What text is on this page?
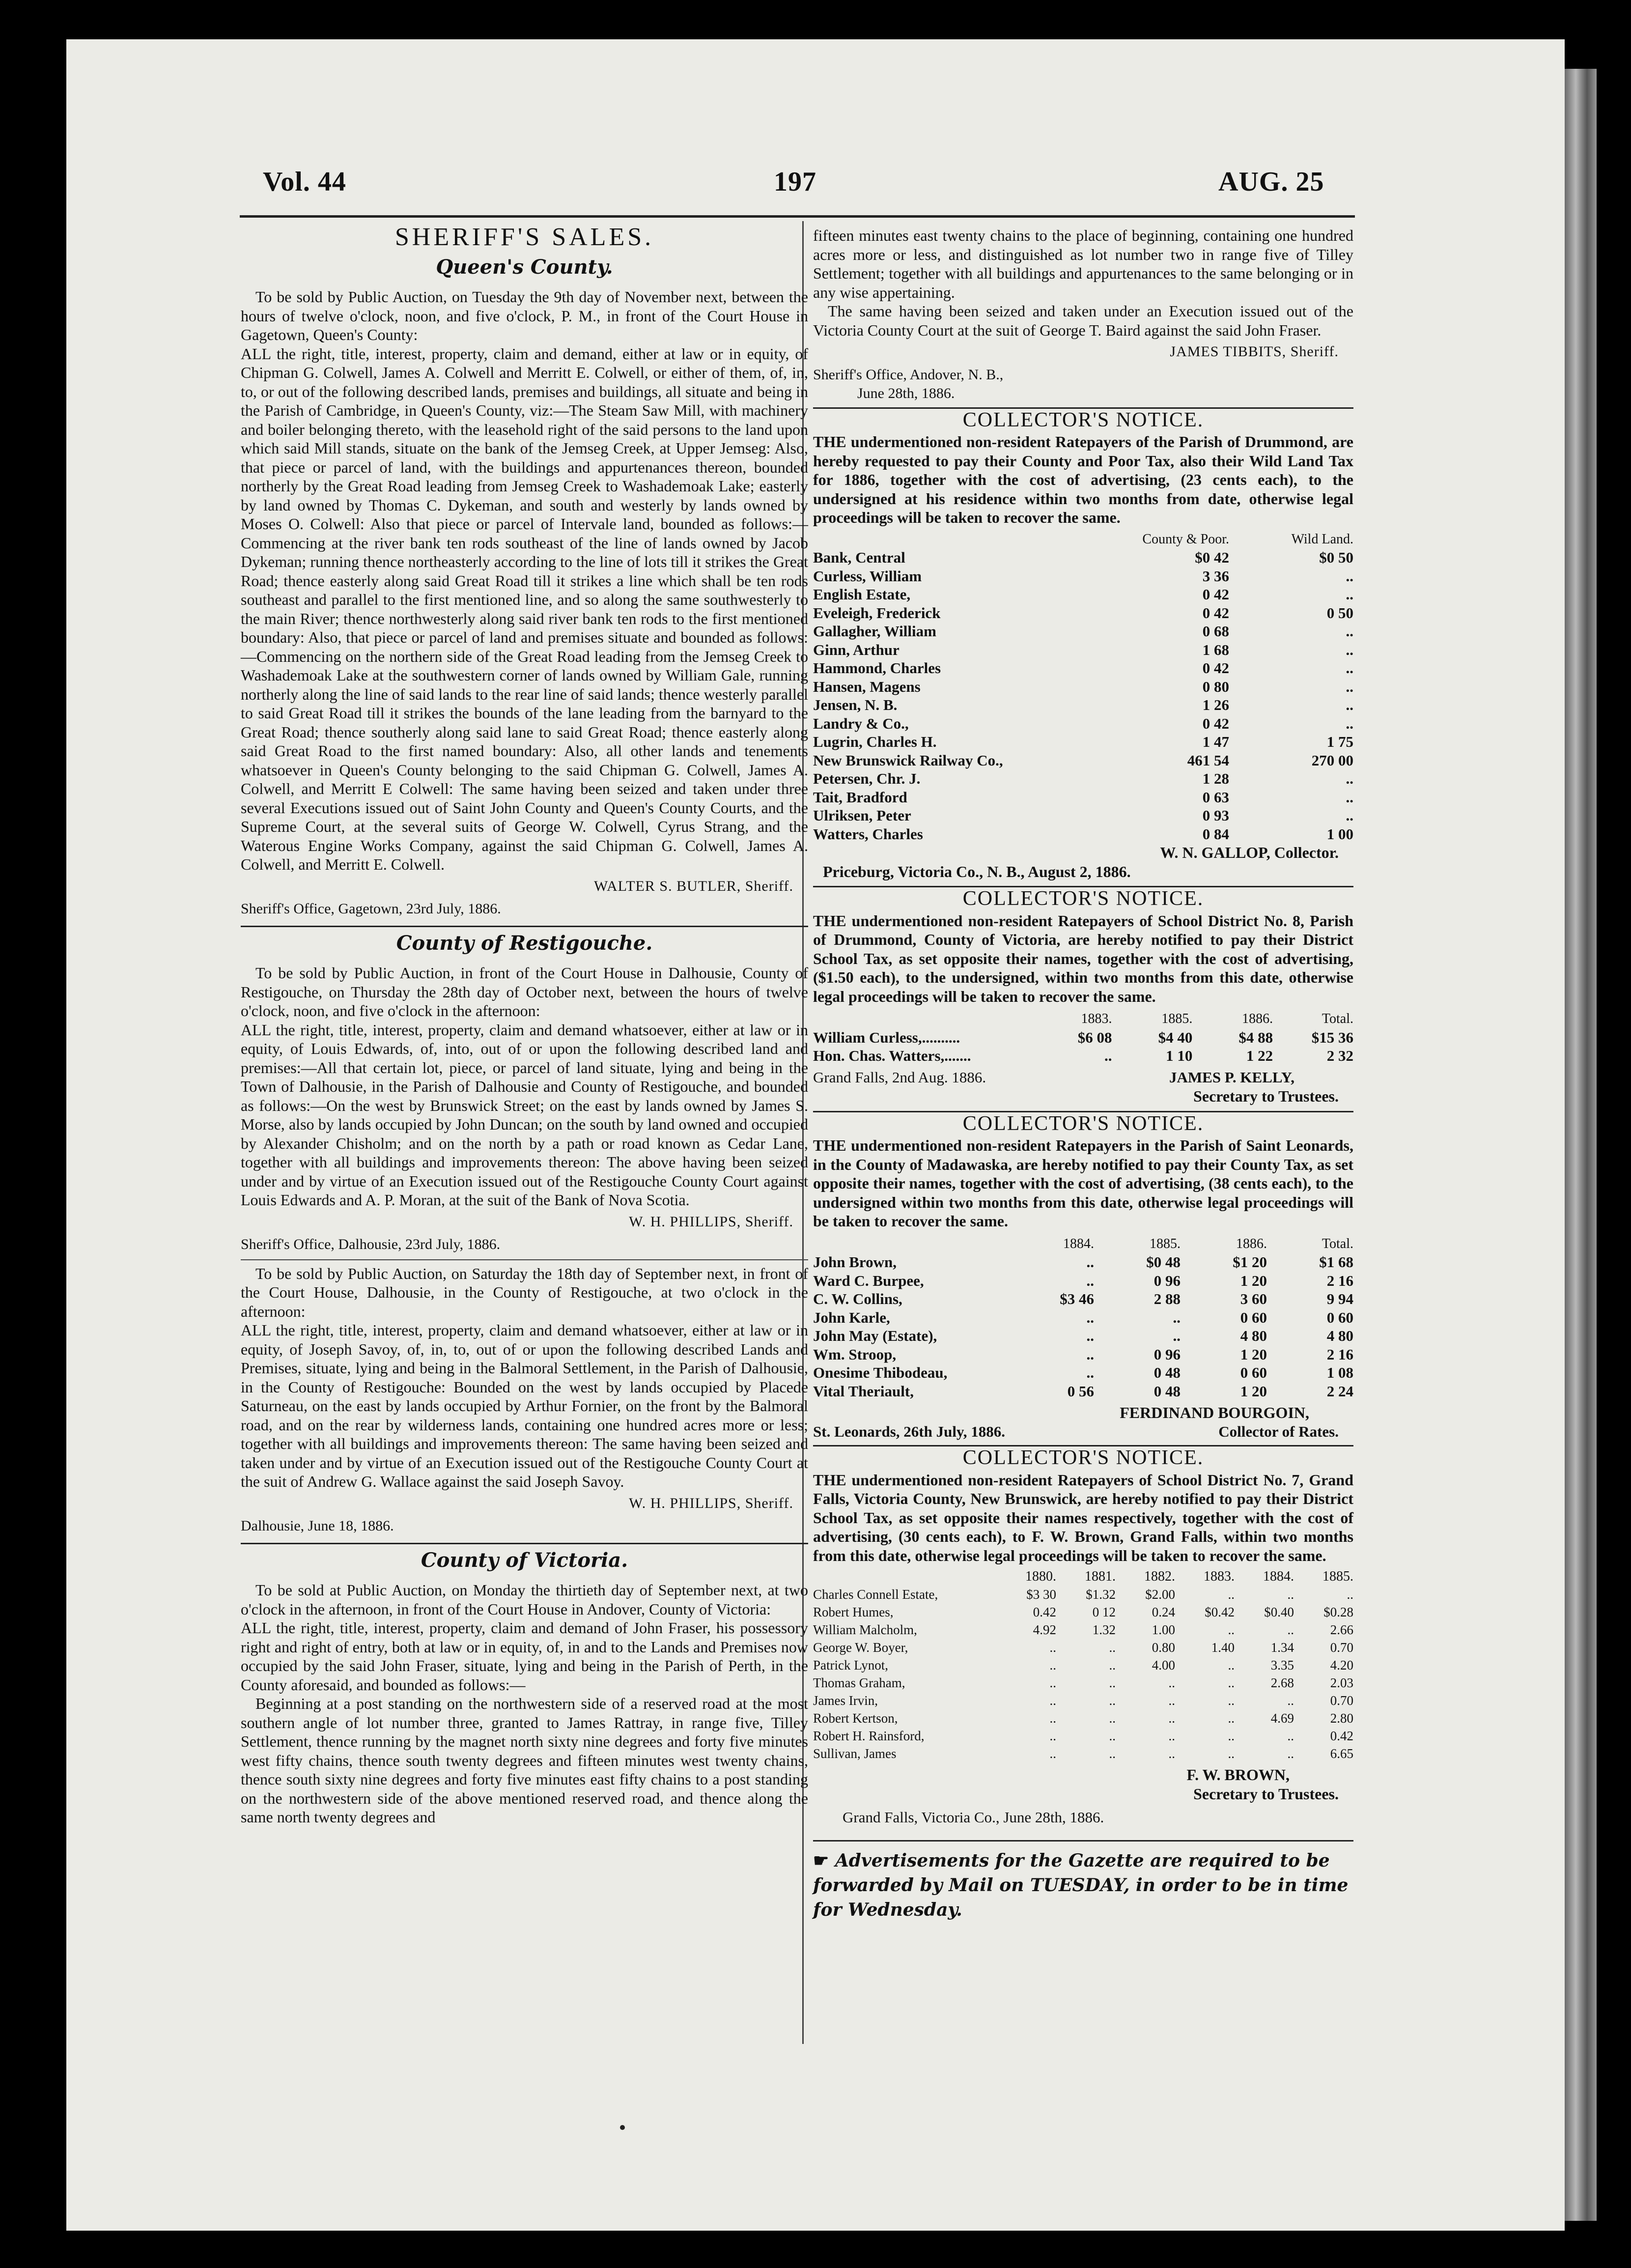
Vol. 44	197	AUG. 25
SHERIFF'S SALES.
Queen's County.

To be sold by Public Auction, on Tuesday the 9th day of November next, between the hours of twelve o'clock, noon, and five o'clock, P. M., in front of the Court House in Gagetown, Queen's County:

ALL the right, title, interest, property, claim and demand, either at law or in equity, of Chipman G. Colwell, James A. Colwell and Merritt E. Colwell, or either of them, of, in, to, or out of the following described lands, premises and buildings, all situate and being in the Parish of Cambridge, in Queen's County, viz:—The Steam Saw Mill, with machinery and boiler belonging thereto, with the leasehold right of the said persons to the land upon which said Mill stands, situate on the bank of the Jemseg Creek, at Upper Jemseg: Also, that piece or parcel of land, with the buildings and appurtenances thereon, bounded northerly by the Great Road leading from Jemseg Creek to Washademoak Lake; easterly by land owned by Thomas C. Dykeman, and south and westerly by lands owned by Moses O. Colwell: Also that piece or parcel of Intervale land, bounded as follows:—Commencing at the river bank ten rods southeast of the line of lands owned by Jacob Dykeman; running thence northeasterly according to the line of lots till it strikes the Great Road; thence easterly along said Great Road till it strikes a line which shall be ten rods southeast and parallel to the first mentioned line, and so along the same southwesterly to the main River; thence northwesterly along said river bank ten rods to the first mentioned boundary: Also, that piece or parcel of land and premises situate and bounded as follows:—Commencing on the northern side of the Great Road leading from the Jemseg Creek to Washademoak Lake at the southwestern corner of lands owned by William Gale, running northerly along the line of said lands to the rear line of said lands; thence westerly parallel to said Great Road till it strikes the bounds of the lane leading from the barnyard to the Great Road; thence southerly along said lane to said Great Road; thence easterly along said Great Road to the first named boundary: Also, all other lands and tenements whatsoever in Queen's County belonging to the said Chipman G. Colwell, James A. Colwell, and Merritt E Colwell: The same having been seized and taken under three several Executions issued out of Saint John County and Queen's County Courts, and the Supreme Court, at the several suits of George W. Colwell, Cyrus Strang, and the Waterous Engine Works Company, against the said Chipman G. Colwell, James A. Colwell, and Merritt E. Colwell.

WALTER S. BUTLER, Sheriff.
Sheriff's Office, Gagetown, 23rd July, 1886.
County of Restigouche.

To be sold by Public Auction, in front of the Court House in Dalhousie, County of Restigouche, on Thursday the 28th day of October next, between the hours of twelve o'clock, noon, and five o'clock in the afternoon:

ALL the right, title, interest, property, claim and demand whatsoever, either at law or in equity, of Louis Edwards, of, into, out of or upon the following described land and premises:—All that certain lot, piece, or parcel of land situate, lying and being in the Town of Dalhousie, in the Parish of Dalhousie and County of Restigouche, and bounded as follows:—On the west by Brunswick Street; on the east by lands owned by James S. Morse, also by lands occupied by John Duncan; on the south by land owned and occupied by Alexander Chisholm; and on the north by a path or road known as Cedar Lane, together with all buildings and improvements thereon: The above having been seized under and by virtue of an Execution issued out of the Restigouche County Court against Louis Edwards and A. P. Moran, at the suit of the Bank of Nova Scotia.

W. H. PHILLIPS, Sheriff.
Sheriff's Office, Dalhousie, 23rd July, 1886.

To be sold by Public Auction, on Saturday the 18th day of September next, in front of the Court House, Dalhousie, in the County of Restigouche, at two o'clock in the afternoon:

ALL the right, title, interest, property, claim and demand whatsoever, either at law or in equity, of Joseph Savoy, of, in, to, out of or upon the following described Lands and Premises, situate, lying and being in the Balmoral Settlement, in the Parish of Dalhousie, in the County of Restigouche: Bounded on the west by lands occupied by Placede Saturneau, on the east by lands occupied by Arthur Fornier, on the front by the Balmoral road, and on the rear by wilderness lands, containing one hundred acres more or less; together with all buildings and improvements thereon: The same having been seized and taken under and by virtue of an Execution issued out of the Restigouche County Court at the suit of Andrew G. Wallace against the said Joseph Savoy.

W. H. PHILLIPS, Sheriff.
Dalhousie, June 18, 1886.
County of Victoria.

To be sold at Public Auction, on Monday the thirtieth day of September next, at two o'clock in the afternoon, in front of the Court House in Andover, County of Victoria:

ALL the right, title, interest, property, claim and demand of John Fraser, his possessory right and right of entry, both at law or in equity, of, in and to the Lands and Premises now occupied by the said John Fraser, situate, lying and being in the Parish of Perth, in the County aforesaid, and bounded as follows:—

Beginning at a post standing on the northwestern side of a reserved road at the most southern angle of lot number three, granted to James Rattray, in range five, Tilley Settlement, thence running by the magnet north sixty nine degrees and forty five minutes west fifty chains, thence south twenty degrees and fifteen minutes west twenty chains, thence south sixty nine degrees and forty five minutes east fifty chains to a post standing on the northwestern side of the above mentioned reserved road, and thence along the same north twenty degrees and

fifteen minutes east twenty chains to the place of beginning, containing one hundred acres more or less, and distinguished as lot number two in range five of Tilley Settlement; together with all buildings and appurtenances to the same belonging or in any wise appertaining.

The same having been seized and taken under an Execution issued out of the Victoria County Court at the suit of George T. Baird against the said John Fraser.

JAMES TIBBITS, Sheriff.
Sheriff's Office, Andover, N. B.,
June 28th, 1886.
COLLECTOR'S NOTICE.

THE undermentioned non-resident Ratepayers of the Parish of Drummond, are hereby requested to pay their County and Poor Tax, also their Wild Land Tax for 1886, together with the cost of advertising, (23 cents each), to the undersigned at his residence within two months from date, otherwise legal proceedings will be taken to recover the same.

	County & Poor.	Wild Land.
Bank, Central	$0 42	$0 50
Curless, William	3 36	..
English Estate,	0 42	..
Eveleigh, Frederick	0 42	0 50
Gallagher, William	0 68	..
Ginn, Arthur	1 68	..
Hammond, Charles	0 42	..
Hansen, Magens	0 80	..
Jensen, N. B.	1 26	..
Landry & Co.,	0 42	..
Lugrin, Charles H.	1 47	1 75
New Brunswick Railway Co.,	461 54	270 00
Petersen, Chr. J.	1 28	..
Tait, Bradford	0 63	..
Ulriksen, Peter	0 93	..
Watters, Charles	0 84	1 00
W. N. GALLOP, Collector.
Priceburg, Victoria Co., N. B., August 2, 1886.
COLLECTOR'S NOTICE.

THE undermentioned non-resident Ratepayers of School District No. 8, Parish of Drummond, County of Victoria, are hereby notified to pay their District School Tax, as set opposite their names, together with the cost of advertising, ($1.50 each), to the undersigned, within two months from this date, otherwise legal proceedings will be taken to recover the same.

	1883.	1885.	1886.	Total.
William Curless,..........	$6 08	$4 40	$4 88	$15 36
Hon. Chas. Watters,.......	..	1 10	1 22	2 32
Grand Falls, 2nd Aug. 1886.	JAMES P. KELLY,
Secretary to Trustees.
COLLECTOR'S NOTICE.

THE undermentioned non-resident Ratepayers in the Parish of Saint Leonards, in the County of Madawaska, are hereby notified to pay their County Tax, as set opposite their names, together with the cost of advertising, (38 cents each), to the undersigned within two months from this date, otherwise legal proceedings will be taken to recover the same.

	1884.	1885.	1886.	Total.
John Brown,	..	$0 48	$1 20	$1 68
Ward C. Burpee,	..	0 96	1 20	2 16
C. W. Collins,	$3 46	2 88	3 60	9 94
John Karle,	..	..	0 60	0 60
John May (Estate),	..	..	4 80	4 80
Wm. Stroop,	..	0 96	1 20	2 16
Onesime Thibodeau,	..	0 48	0 60	1 08
Vital Theriault,	0 56	0 48	1 20	2 24
FERDINAND BOURGOIN,
St. Leonards, 26th July, 1886.	Collector of Rates.
COLLECTOR'S NOTICE.

THE undermentioned non-resident Ratepayers of School District No. 7, Grand Falls, Victoria County, New Brunswick, are hereby notified to pay their District School Tax, as set opposite their names respectively, together with the cost of advertising, (30 cents each), to F. W. Brown, Grand Falls, within two months from this date, otherwise legal proceedings will be taken to recover the same.

	1880.	1881.	1882.	1883.	1884.	1885.
Charles Connell Estate,	$3 30	$1.32	$2.00	..	..	..
Robert Humes,	0.42	0 12	0.24	$0.42	$0.40	$0.28
William Malcholm,	4.92	1.32	1.00	..	..	2.66
George W. Boyer,	..	..	0.80	1.40	1.34	0.70
Patrick Lynot,	..	..	4.00	..	3.35	4.20
Thomas Graham,	..	..	..	..	2.68	2.03
James Irvin,	..	..	..	..	..	0.70
Robert Kertson,	..	..	..	..	4.69	2.80
Robert H. Rainsford,	..	..	..	..	..	0.42
Sullivan, James	..	..	..	..	..	6.65
F. W. BROWN,
Secretary to Trustees.
Grand Falls, Victoria Co., June 28th, 1886.
☛ Advertisements for the Gazette are required to be forwarded by Mail on TUESDAY, in order to be in time for Wednesday.
